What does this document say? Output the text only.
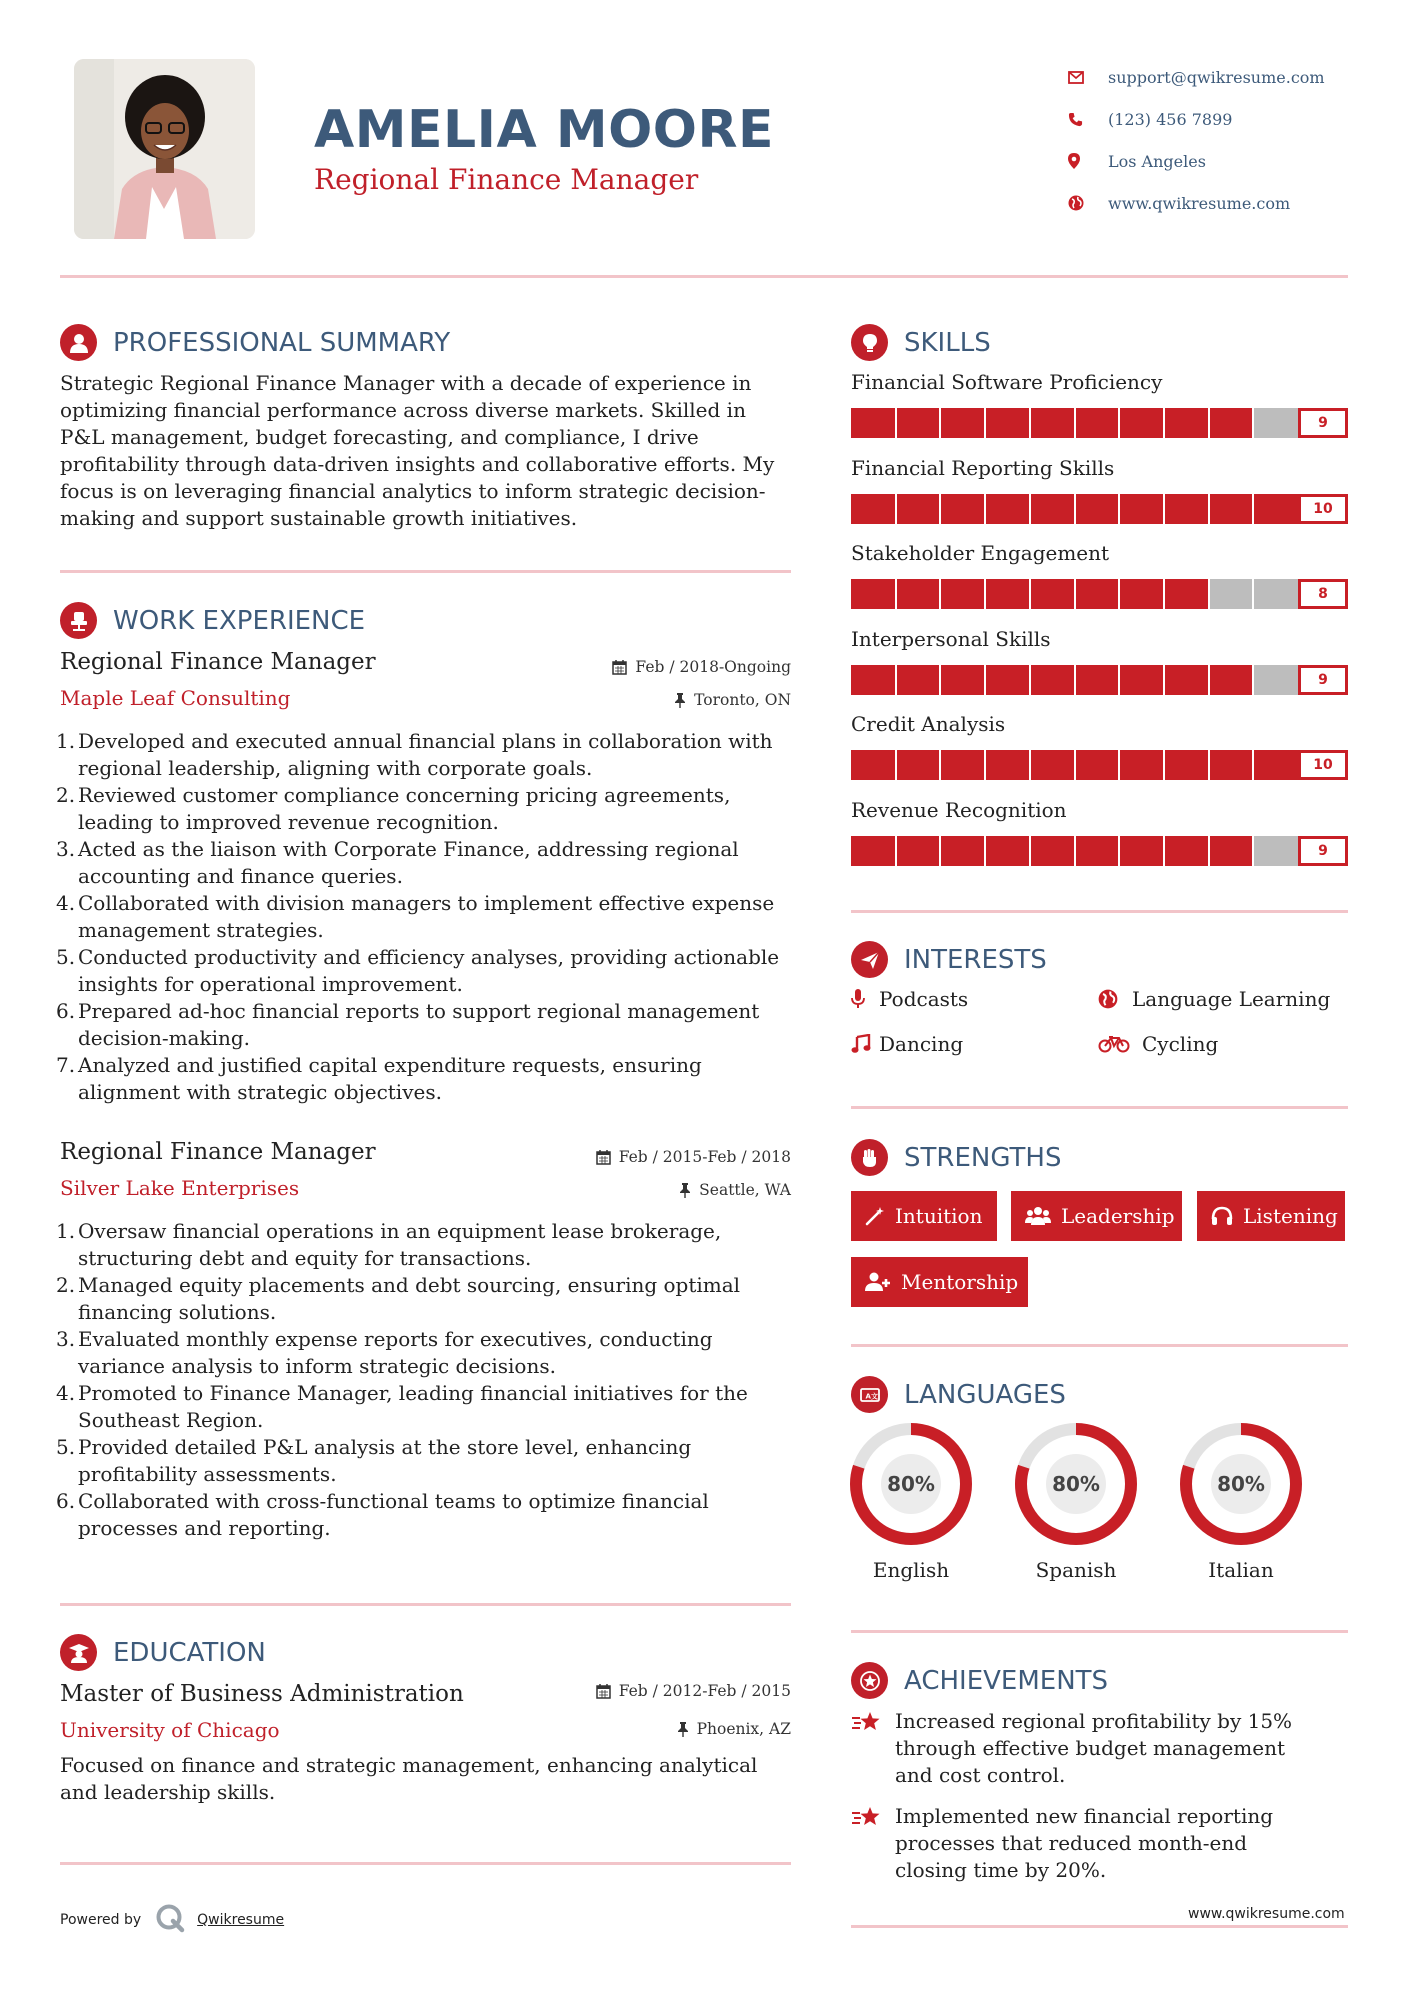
AMELIA MOORE
Regional Finance Manager
support@qwikresume.com
(123) 456 7899
Los Angeles
www.qwikresume.com
PROFESSIONAL SUMMARY
Strategic Regional Finance Manager with a decade of experience in optimizing financial performance across diverse markets. Skilled in P&L management, budget forecasting, and compliance, I drive profitability through data-driven insights and collaborative efforts. My focus is on leveraging financial analytics to inform strategic decision-making and support sustainable growth initiatives.
WORK EXPERIENCE
Regional Finance Manager	Feb / 2018-Ongoing
Maple Leaf Consulting	Toronto, ON
1. Developed and executed annual financial plans in collaboration with regional leadership, aligning with corporate goals.
2. Reviewed customer compliance concerning pricing agreements, leading to improved revenue recognition.
3. Acted as the liaison with Corporate Finance, addressing regional accounting and finance queries.
4. Collaborated with division managers to implement effective expense management strategies.
5. Conducted productivity and efficiency analyses, providing actionable insights for operational improvement.
6. Prepared ad-hoc financial reports to support regional management decision-making.
7. Analyzed and justified capital expenditure requests, ensuring alignment with strategic objectives.
Regional Finance Manager	Feb / 2015-Feb / 2018
Silver Lake Enterprises	Seattle, WA
1. Oversaw financial operations in an equipment lease brokerage, structuring debt and equity for transactions.
2. Managed equity placements and debt sourcing, ensuring optimal financing solutions.
3. Evaluated monthly expense reports for executives, conducting variance analysis to inform strategic decisions.
4. Promoted to Finance Manager, leading financial initiatives for the Southeast Region.
5. Provided detailed P&L analysis at the store level, enhancing profitability assessments.
6. Collaborated with cross-functional teams to optimize financial processes and reporting.
EDUCATION
Master of Business Administration	Feb / 2012-Feb / 2015
University of Chicago	Phoenix, AZ
Focused on finance and strategic management, enhancing analytical and leadership skills.
Powered by	Qwikresume
SKILLS
Financial Software Proficiency
9
Financial Reporting Skills
10
Stakeholder Engagement
8
Interpersonal Skills
9
Credit Analysis
10
Revenue Recognition
9
INTERESTS
Podcasts	Language Learning
Dancing	Cycling
STRENGTHS
Intuition	Leadership	Listening
Mentorship
A 文 LANGUAGES
80%
English
80%
Spanish
80%
Italian
ACHIEVEMENTS
Increased regional profitability by 15% through effective budget management and cost control.
Implemented new financial reporting processes that reduced month-end closing time by 20%.
www.qwikresume.com
